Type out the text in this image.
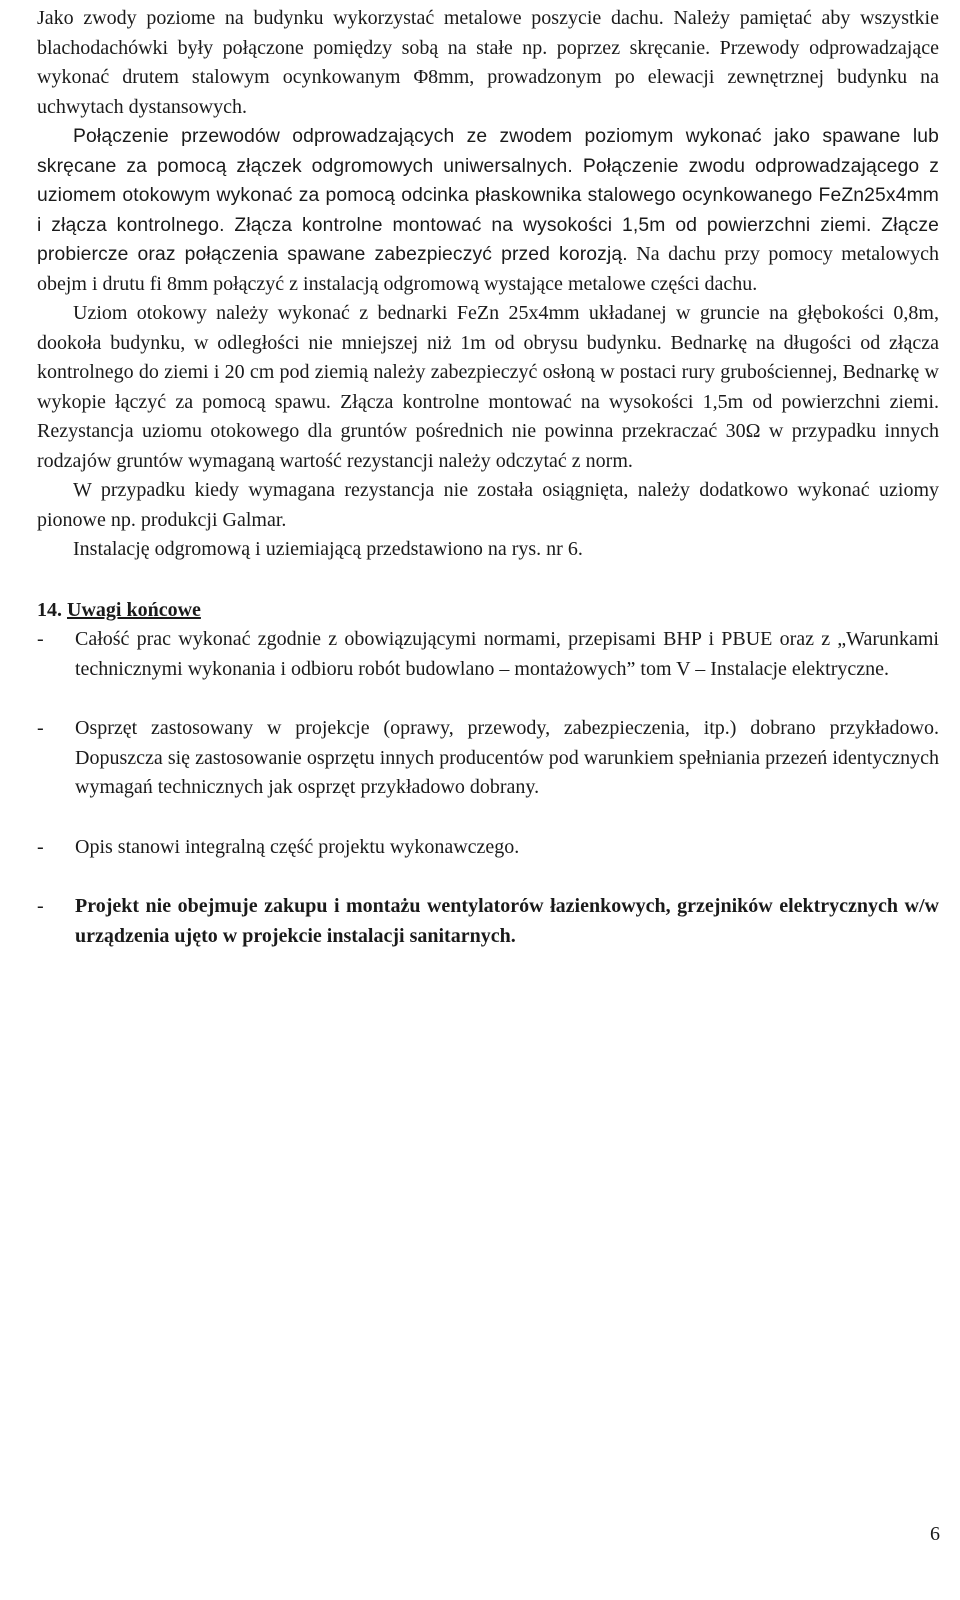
Jako zwody poziome na budynku wykorzystać metalowe poszycie dachu. Należy pamiętać aby wszystkie blachodachówki były połączone pomiędzy sobą na stałe np. poprzez skręcanie. Przewody odprowadzające wykonać drutem stalowym ocynkowanym Φ8mm, prowadzonym po elewacji zewnętrznej budynku na uchwytach dystansowych.
Połączenie przewodów odprowadzających ze zwodem poziomym wykonać jako spawane lub skręcane za pomocą złączek odgromowych uniwersalnych. Połączenie zwodu odprowadzającego z uziomem otokowym wykonać za pomocą odcinka płaskownika stalowego ocynkowanego FeZn25x4mm i złącza kontrolnego. Złącza kontrolne montować na wysokości 1,5m od powierzchni ziemi. Złącze probiercze oraz połączenia spawane zabezpieczyć przed korozją. Na dachu przy pomocy metalowych obejm i drutu fi 8mm połączyć z instalacją odgromową wystające metalowe części dachu.

Uziom otokowy należy wykonać z bednarki FeZn 25x4mm układanej w gruncie na głębokości 0,8m, dookoła budynku, w odległości nie mniejszej niż 1m od obrysu budynku. Bednarkę na długości od złącza kontrolnego do ziemi i 20 cm pod ziemią należy zabezpieczyć osłoną w postaci rury grubościennej, Bednarkę w wykopie łączyć za pomocą spawu. Złącza kontrolne montować na wysokości 1,5m od powierzchni ziemi. Rezystancja uziomu otokowego dla gruntów pośrednich nie powinna przekraczać 30Ω w przypadku innych rodzajów gruntów wymaganą wartość rezystancji należy odczytać z norm.

W przypadku kiedy wymagana rezystancja nie została osiągnięta, należy dodatkowo wykonać uziomy pionowe np. produkcji Galmar.

Instalację odgromową i uziemiającą przedstawiono na rys. nr 6.

14. Uwagi końcowe
- Całość prac wykonać zgodnie z obowiązującymi normami, przepisami BHP i PBUE oraz z „Warunkami technicznymi wykonania i odbioru robót budowlano – montażowych” tom V – Instalacje elektryczne.
- Osprzęt zastosowany w projekcje (oprawy, przewody, zabezpieczenia, itp.) dobrano przykładowo. Dopuszcza się zastosowanie osprzętu innych producentów pod warunkiem spełniania przezeń identycznych wymagań technicznych jak osprzęt przykładowo dobrany.
- Opis stanowi integralną część projektu wykonawczego.
- Projekt nie obejmuje zakupu i montażu wentylatorów łazienkowych, grzejników elektrycznych w/w urządzenia ujęto w projekcie instalacji sanitarnych.
6
